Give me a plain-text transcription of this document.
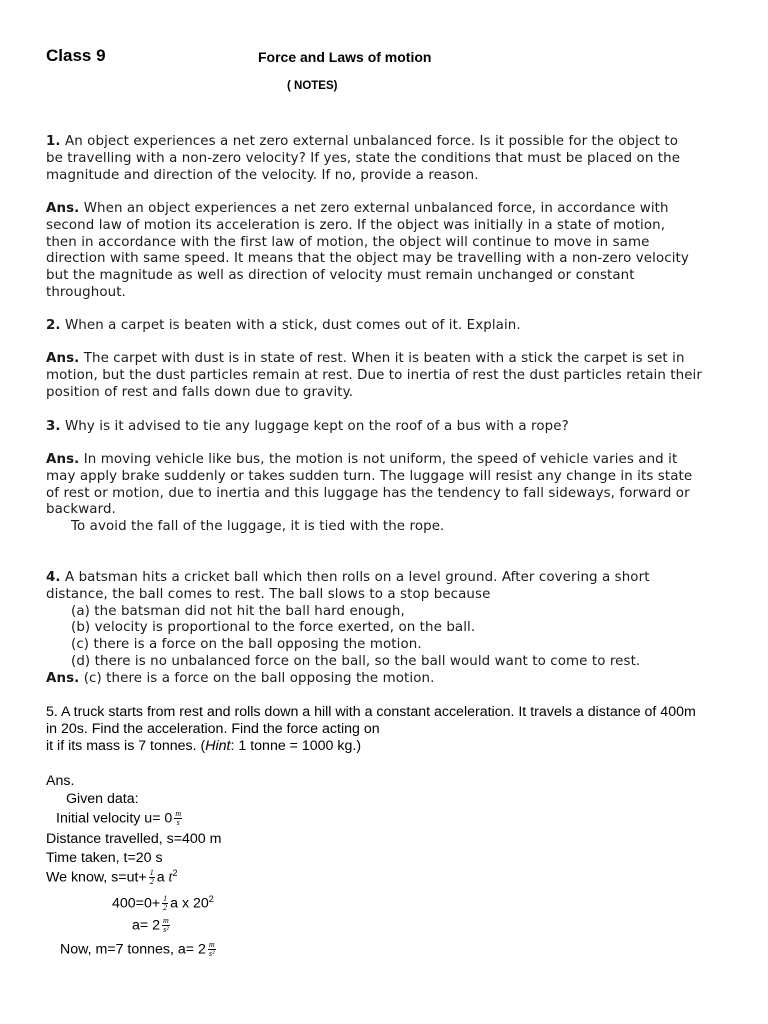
Class 9	Force and Laws of motion
( NOTES)
1. An object experiences a net zero external unbalanced force. Is it possible for the object to
be travelling with a non-zero velocity? If yes, state the conditions that must be placed on the
magnitude and direction of the velocity. If no, provide a reason.
Ans. When an object experiences a net zero external unbalanced force, in accordance with
second law of motion its acceleration is zero. If the object was initially in a state of motion,
then in accordance with the first law of motion, the object will continue to move in same
direction with same speed. It means that the object may be travelling with a non-zero velocity
but the magnitude as well as direction of velocity must remain unchanged or constant
throughout.
2. When a carpet is beaten with a stick, dust comes out of it. Explain.
Ans. The carpet with dust is in state of rest. When it is beaten with a stick the carpet is set in
motion, but the dust particles remain at rest. Due to inertia of rest the dust particles retain their
position of rest and falls down due to gravity.
3. Why is it advised to tie any luggage kept on the roof of a bus with a rope?
Ans. In moving vehicle like bus, the motion is not uniform, the speed of vehicle varies and it
may apply brake suddenly or takes sudden turn. The luggage will resist any change in its state
of rest or motion, due to inertia and this luggage has the tendency to fall sideways, forward or
backward.
To avoid the fall of the luggage, it is tied with the rope.
4. A batsman hits a cricket ball which then rolls on a level ground. After covering a short
distance, the ball comes to rest. The ball slows to a stop because
(a) the batsman did not hit the ball hard enough,
(b) velocity is proportional to the force exerted, on the ball.
(c) there is a force on the ball opposing the motion.
(d) there is no unbalanced force on the ball, so the ball would want to come to rest.
Ans. (c) there is a force on the ball opposing the motion.
5. A truck starts from rest and rolls down a hill with a constant acceleration. It travels a distance of 400m
in 20s. Find the acceleration. Find the force acting on
it if its mass is 7 tonnes. (Hint: 1 tonne = 1000 kg.)
Ans.
Given data:
Initial velocity $u= 0 \frac{m}{s}$
Distance travelled, s=400 m
Time taken, t=20 s
We know, $s=ut+ \frac{1}{2}$ a $t^2$
$400=0+ \frac{1}{2}$ a x $20^2$
$a= 2 \frac{m}{\text{s²}}$
Now, m=7 tonnes, $a= 2 \frac{m}{\text{s²}}$
